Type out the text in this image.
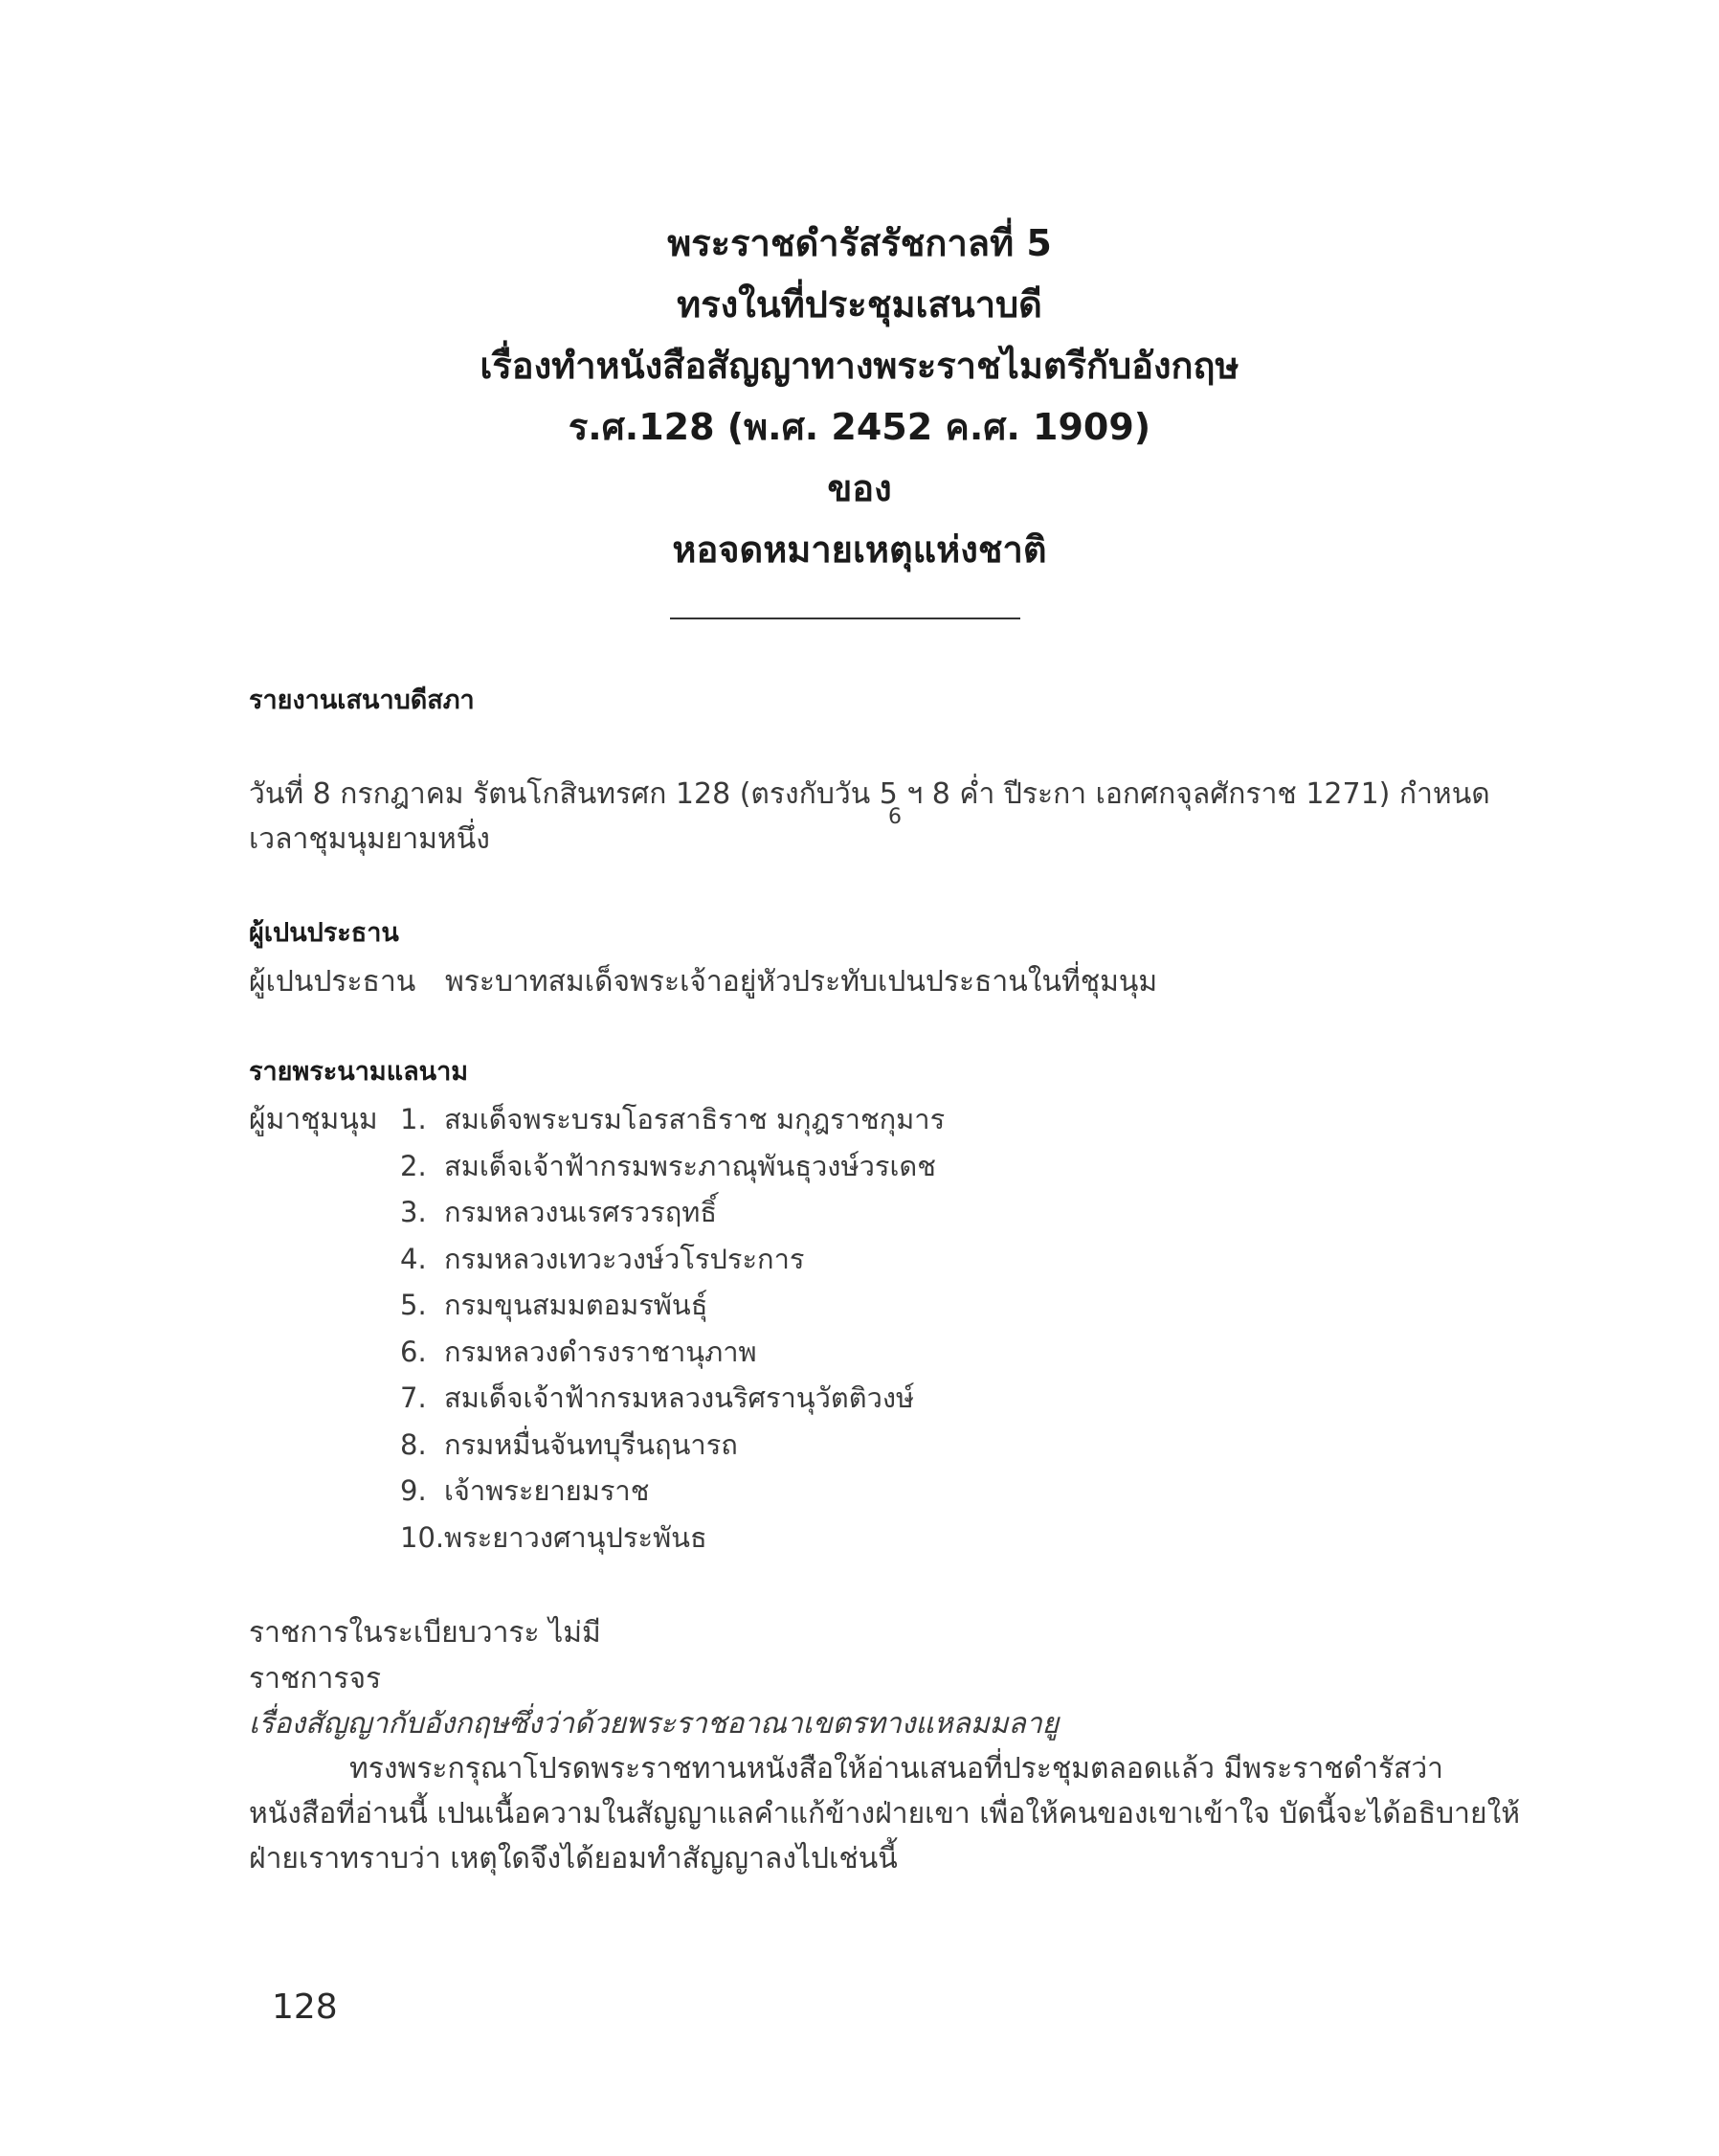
พระราชดำรัสรัชกาลที่ 5
ทรงในที่ประชุมเสนาบดี
เรื่องทำหนังสือสัญญาทางพระราชไมตรีกับอังกฤษ
ร.ศ.128 (พ.ศ. 2452 ค.ศ. 1909)
ของ
หอจดหมายเหตุแห่งชาติ
รายงานเสนาบดีสภา
วันที่ 8 กรกฎาคม รัตนโกสินทรศก 128 (ตรงกับวัน 5 ฯ 8 ค่ำ ปีระกา เอกศกจุลศักราช 1271) กำหนด
6
เวลาชุมนุมยามหนึ่ง
ผู้เปนประธาน
ผู้เปนประธาน พระบาทสมเด็จพระเจ้าอยู่หัวประทับเปนประธานในที่ชุมนุม
รายพระนามแลนาม
ผู้มาชุมนุม 1. สมเด็จพระบรมโอรสาธิราช มกุฎราชกุมาร
2. สมเด็จเจ้าฟ้ากรมพระภาณุพันธุวงษ์วรเดช
3. กรมหลวงนเรศรวรฤทธิ์
4. กรมหลวงเทวะวงษ์วโรประการ
5. กรมขุนสมมตอมรพันธุ์
6. กรมหลวงดำรงราชานุภาพ
7. สมเด็จเจ้าฟ้ากรมหลวงนริศรานุวัตติวงษ์
8. กรมหมื่นจันทบุรีนฤนารถ
9. เจ้าพระยายมราช
10.พระยาวงศานุประพันธ
ราชการในระเบียบวาระ ไม่มี
ราชการจร
เรื่องสัญญากับอังกฤษซึ่งว่าด้วยพระราชอาณาเขตรทางแหลมมลายู
ทรงพระกรุณาโปรดพระราชทานหนังสือให้อ่านเสนอที่ประชุมตลอดแล้ว มีพระราชดำรัสว่า
หนังสือที่อ่านนี้ เปนเนื้อความในสัญญาแลคำแก้ข้างฝ่ายเขา เพื่อให้คนของเขาเข้าใจ บัดนี้จะได้อธิบายให้
ฝ่ายเราทราบว่า เหตุใดจึงได้ยอมทำสัญญาลงไปเช่นนี้
128
